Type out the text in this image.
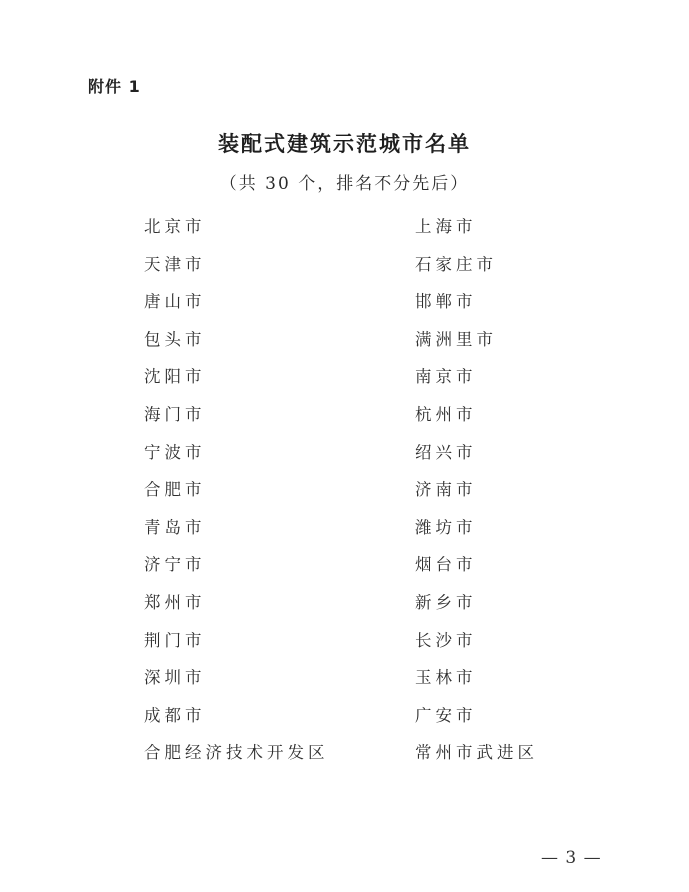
附件 1
装配式建筑示范城市名单
（共 30 个，排名不分先后）
北京市	上海市
天津市	石家庄市
唐山市	邯郸市
包头市	满洲里市
沈阳市	南京市
海门市	杭州市
宁波市	绍兴市
合肥市	济南市
青岛市	潍坊市
济宁市	烟台市
郑州市	新乡市
荆门市	长沙市
深圳市	玉林市
成都市	广安市
合肥经济技术开发区	常州市武进区
— 3 —
